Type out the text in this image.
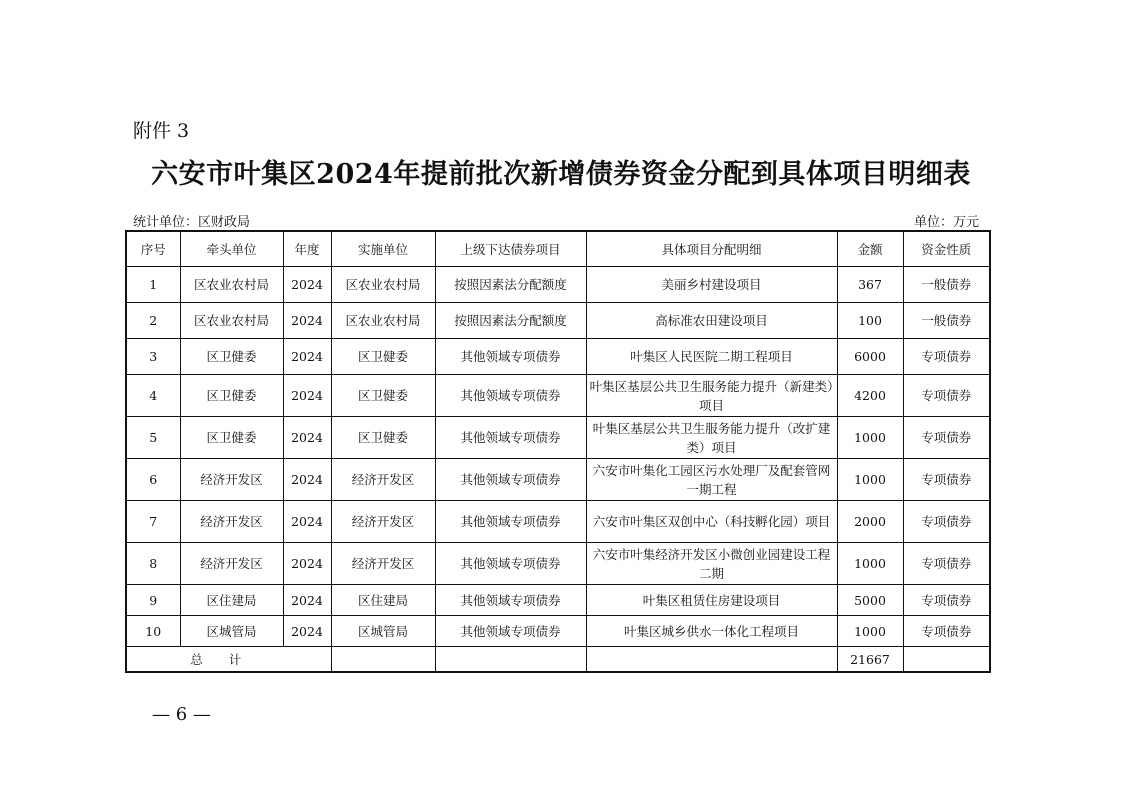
附件 3
六安市叶集区2024年提前批次新增债券资金分配到具体项目明细表
统计单位：区财政局	单位：万元
序号	牵头单位	年度	实施单位	上级下达债券项目	具体项目分配明细	金额	资金性质
1	区农业农村局	2024	区农业农村局	按照因素法分配额度	美丽乡村建设项目	367	一般债券
2	区农业农村局	2024	区农业农村局	按照因素法分配额度	高标准农田建设项目	100	一般债券
3	区卫健委	2024	区卫健委	其他领域专项债券	叶集区人民医院二期工程项目	6000	专项债券
4	区卫健委	2024	区卫健委	其他领域专项债券	叶集区基层公共卫生服务能力提升（新建类）项目	4200	专项债券
5	区卫健委	2024	区卫健委	其他领域专项债券	叶集区基层公共卫生服务能力提升（改扩建类）项目	1000	专项债券
6	经济开发区	2024	经济开发区	其他领域专项债券	六安市叶集化工园区污水处理厂及配套管网一期工程	1000	专项债券
7	经济开发区	2024	经济开发区	其他领域专项债券	六安市叶集区双创中心（科技孵化园）项目	2000	专项债券
8	经济开发区	2024	经济开发区	其他领域专项债券	六安市叶集经济开发区小微创业园建设工程二期	1000	专项债券
9	区住建局	2024	区住建局	其他领域专项债券	叶集区租赁住房建设项目	5000	专项债券
10	区城管局	2024	区城管局	其他领域专项债券	叶集区城乡供水一体化工程项目	1000	专项债券
总计						21667	
— 6 —
